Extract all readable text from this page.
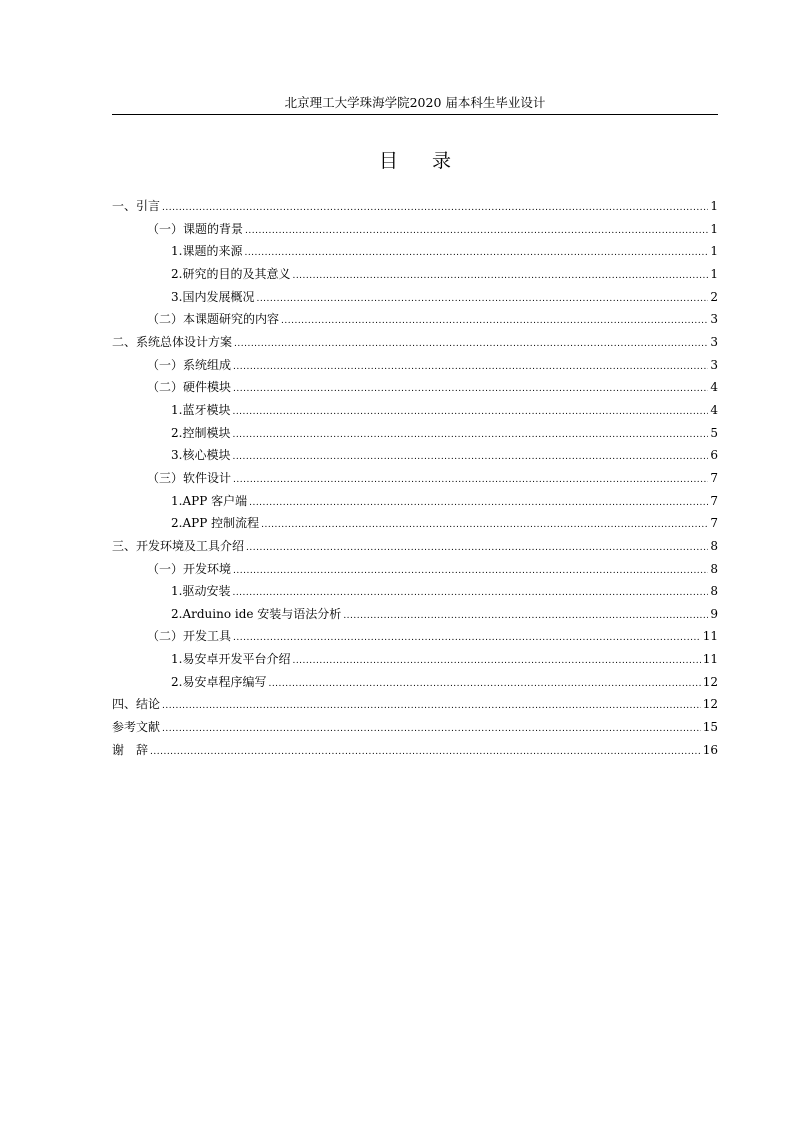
北京理工大学珠海学院2020 届本科生毕业设计
目 录
一、引言 .....	1
（一）课题的背景 .....	1
1.课题的来源 .....	1
2.研究的目的及其意义 .....	1
3.国内发展概况 .....	2
（二）本课题研究的内容 .....	3
二、系统总体设计方案 .....	3
（一）系统组成 .....	3
（二）硬件模块 .....	4
1.蓝牙模块 .....	4
2.控制模块 .....	5
3.核心模块 .....	6
（三）软件设计 .....	7
1.APP 客户端 .....	7
2.APP 控制流程 .....	7
三、开发环境及工具介绍 .....	8
（一）开发环境 .....	8
1.驱动安装 .....	8
2.Arduino ide 安装与语法分析 .....	9
（二）开发工具 .....	11
1.易安卓开发平台介绍 .....	11
2.易安卓程序编写 .....	12
四、结论 .....	12
参考文献 .....	15
谢　辞 .....	16
